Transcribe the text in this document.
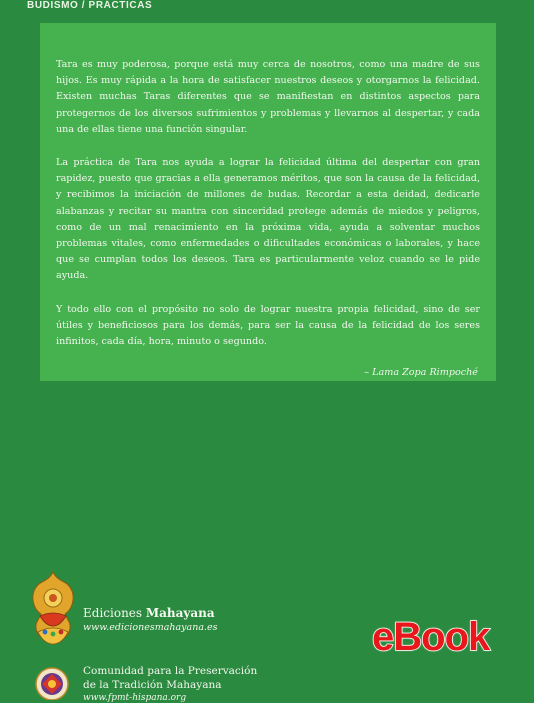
BUDISMO / PRÁCTICAS

Tara es muy poderosa, porque está muy cerca de nosotros, como una madre de sus hijos. Es muy rápida a la hora de satisfacer nuestros deseos y otorgarnos la felicidad. Existen muchas Taras diferentes que se manifiestan en distintos aspectos para protegernos de los diversos sufrimientos y problemas y llevarnos al despertar, y cada una de ellas tiene una función singular.

La práctica de Tara nos ayuda a lograr la felicidad última del despertar con gran rapidez, puesto que gracias a ella generamos méritos, que son la causa de la felicidad, y recibimos la iniciación de millones de budas. Recordar a esta deidad, dedicarle alabanzas y recitar su mantra con sinceridad protege además de miedos y peligros, como de un mal renacimiento en la próxima vida, ayuda a solventar muchos problemas vitales, como enfermedades o dificultades económicas o laborales, y hace que se cumplan todos los deseos. Tara es particularmente veloz cuando se le pide ayuda.

Y todo ello con el propósito no solo de lograr nuestra propia felicidad, sino de ser útiles y beneficiosos para los demás, para ser la causa de la felicidad de los seres infinitos, cada día, hora, minuto o segundo.

– Lama Zopa Rimpoché
Ediciones Mahayana
www.edicionesmahayana.es	eBook
Comunidad para la Preservación
de la Tradición Mahayana
www.fpmt-hispana.org
